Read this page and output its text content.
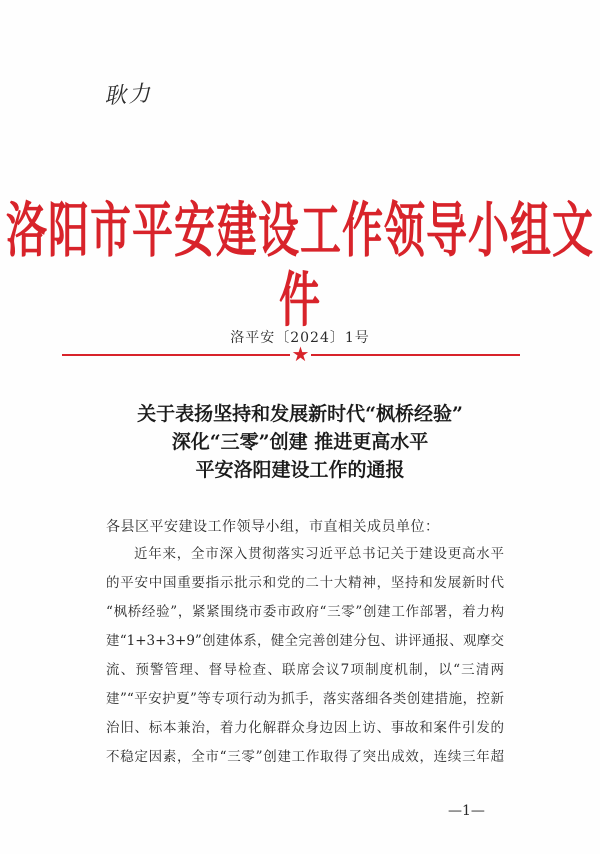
耿力
洛阳市平安建设工作领导小组文件
洛平安〔2024〕1号
★
关于表扬坚持和发展新时代“枫桥经验”
深化“三零”创建 推进更高水平
平安洛阳建设工作的通报
各县区平安建设工作领导小组，市直相关成员单位：
近年来，全市深入贯彻落实习近平总书记关于建设更高水平
的平安中国重要指示批示和党的二十大精神，坚持和发展新时代
“枫桥经验”，紧紧围绕市委市政府“三零”创建工作部署，着力构
建“1+3+3+9”创建体系，健全完善创建分包、讲评通报、观摩交
流、预警管理、督导检查、联席会议7项制度机制，以“三清两
建”“平安护夏”等专项行动为抓手，落实落细各类创建措施，控新
治旧、标本兼治，着力化解群众身边因上访、事故和案件引发的
不稳定因素，全市“三零”创建工作取得了突出成效，连续三年超
—1—
